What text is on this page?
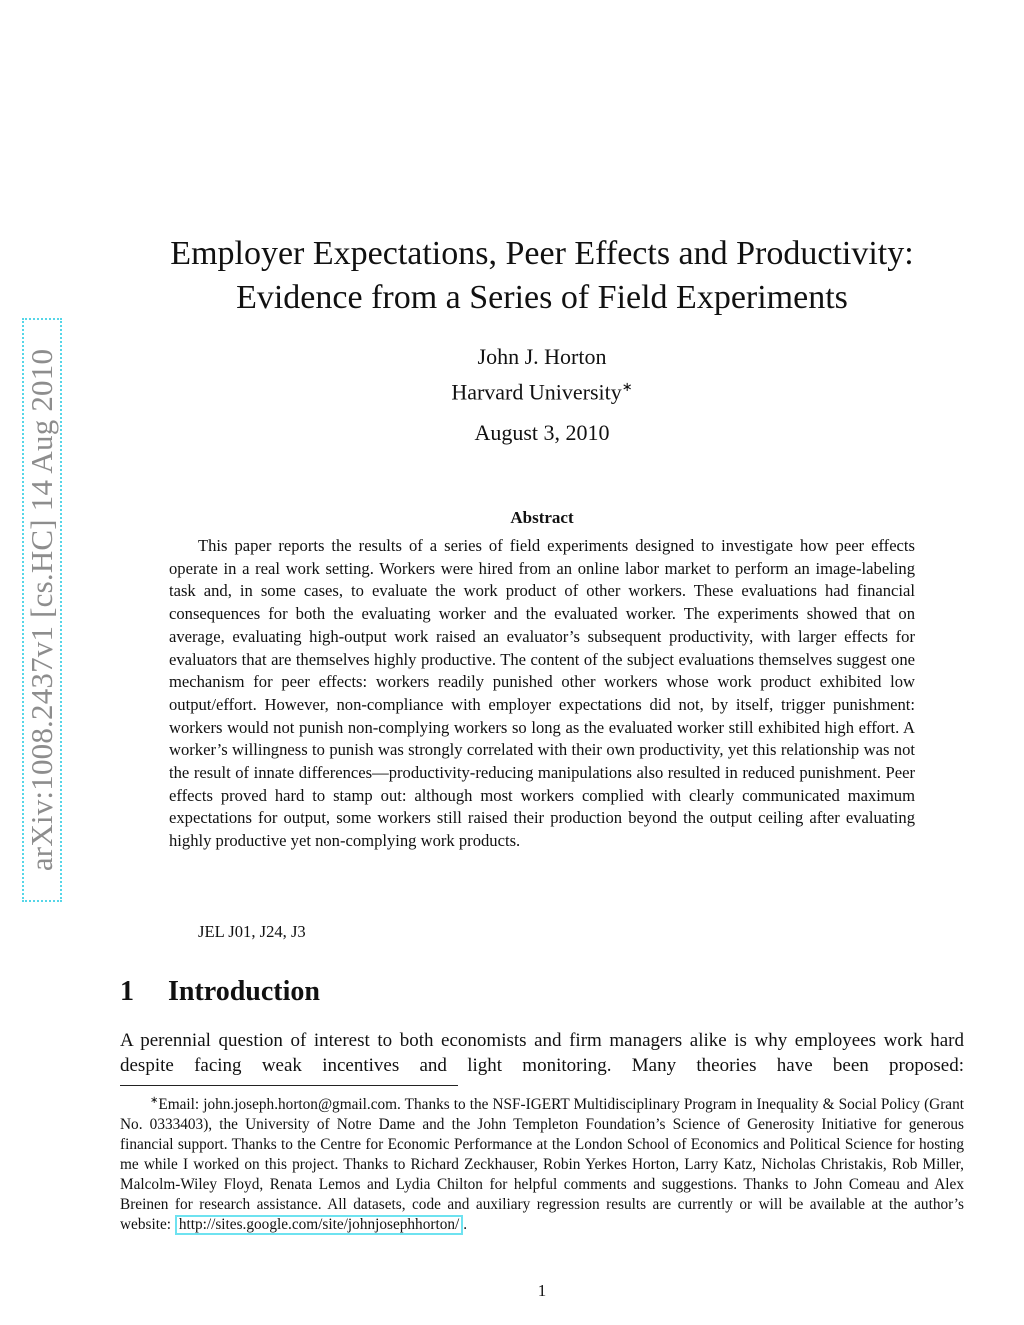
arXiv:1008.2437v1 [cs.HC] 14 Aug 2010
Employer Expectations, Peer Effects and Productivity:
Evidence from a Series of Field Experiments
John J. Horton
Harvard University∗
August 3, 2010
Abstract

This paper reports the results of a series of field experiments designed to investigate how peer effects operate in a real work setting. Workers were hired from an online labor market to perform an image-labeling task and, in some cases, to evaluate the work product of other workers. These evaluations had financial consequences for both the evaluating worker and the evaluated worker. The experiments showed that on average, evaluating high-output work raised an evaluator’s subsequent productivity, with larger effects for evaluators that are themselves highly productive. The content of the subject evaluations themselves suggest one mechanism for peer effects: workers readily punished other workers whose work product exhibited low output/effort. However, non-compliance with employer expectations did not, by itself, trigger punishment: workers would not punish non-complying workers so long as the evaluated worker still exhibited high effort. A worker’s willingness to punish was strongly correlated with their own productivity, yet this relationship was not the result of innate differences—productivity-reducing manipulations also resulted in reduced punishment. Peer effects proved hard to stamp out: although most workers complied with clearly communicated maximum expectations for output, some workers still raised their production beyond the output ceiling after evaluating highly productive yet non-complying work products.

JEL J01, J24, J3
1 Introduction

A perennial question of interest to both economists and firm managers alike is why employees work hard despite facing weak incentives and light monitoring. Many theories have been proposed:

∗Email: john.joseph.horton@gmail.com. Thanks to the NSF-IGERT Multidisciplinary Program in Inequality & Social Policy (Grant No. 0333403), the University of Notre Dame and the John Templeton Foundation’s Science of Generosity Initiative for generous financial support. Thanks to the Centre for Economic Performance at the London School of Economics and Political Science for hosting me while I worked on this project. Thanks to Richard Zeckhauser, Robin Yerkes Horton, Larry Katz, Nicholas Christakis, Rob Miller, Malcolm-Wiley Floyd, Renata Lemos and Lydia Chilton for helpful comments and suggestions. Thanks to John Comeau and Alex Breinen for research assistance. All datasets, code and auxiliary regression results are currently or will be available at the author’s website: http://sites.google.com/site/johnjosephhorton/ .

1
